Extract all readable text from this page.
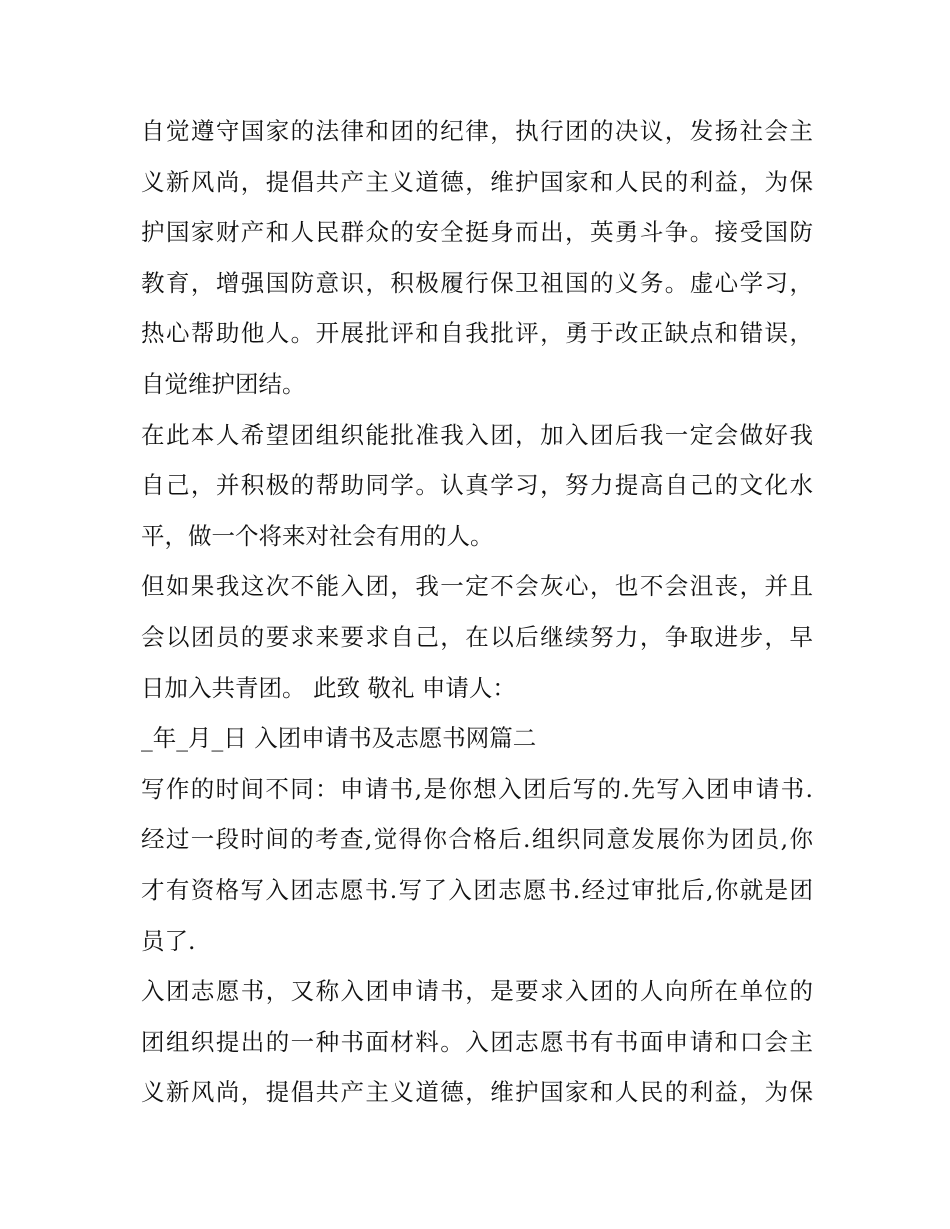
自觉遵守国家的法律和团的纪律，执行团的决议，发扬社会主
义新风尚，提倡共产主义道德，维护国家和人民的利益，为保
护国家财产和人民群众的安全挺身而出，英勇斗争。接受国防
教育，增强国防意识，积极履行保卫祖国的义务。虚心学习，
热心帮助他人。开展批评和自我批评，勇于改正缺点和错误，
自觉维护团结。
在此本人希望团组织能批准我入团，加入团后我一定会做好我
自己，并积极的帮助同学。认真学习，努力提高自己的文化水
平，做一个将来对社会有用的人。
但如果我这次不能入团，我一定不会灰心，也不会沮丧，并且
会以团员的要求来要求自己，在以后继续努力，争取进步，早
日加入共青团。 此致 敬礼 申请人：
_年_月_日 入团申请书及志愿书网篇二
写作的时间不同：申请书,是你想入团后写的.先写入团申请书.
经过一段时间的考查,觉得你合格后.组织同意发展你为团员,你
才有资格写入团志愿书.写了入团志愿书.经过审批后,你就是团
员了.
入团志愿书，又称入团申请书，是要求入团的人向所在单位的
团组织提出的一种书面材料。入团志愿书有书面申请和口会主
义新风尚，提倡共产主义道德，维护国家和人民的利益，为保
